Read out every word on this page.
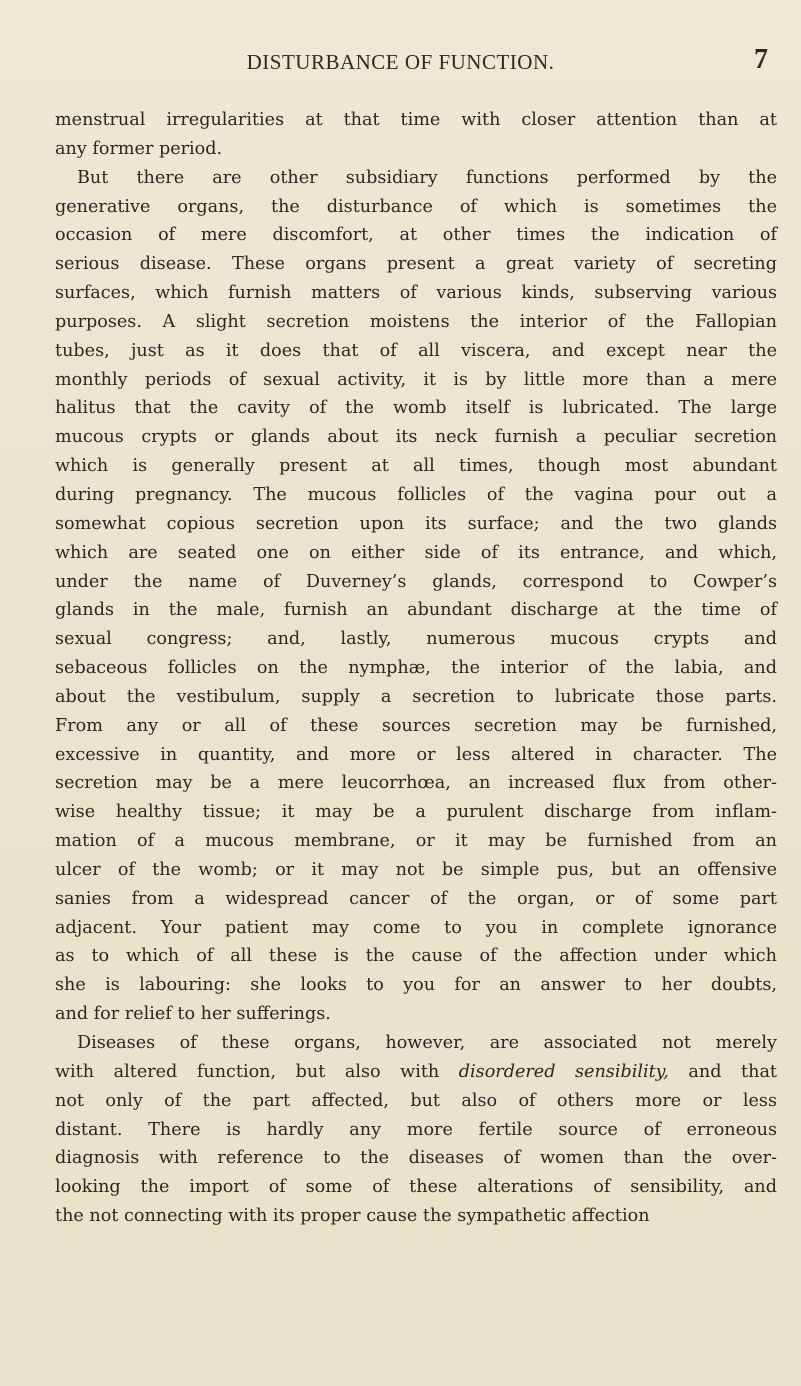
DISTURBANCE OF FUNCTION.	7
menstrual irregularities at that time with closer attention than at
any former period.
But there are other subsidiary functions performed by the
generative organs, the disturbance of which is sometimes the
occasion of mere discomfort, at other times the indication of
serious disease. These organs present a great variety of secreting
surfaces, which furnish matters of various kinds, subserving various
purposes. A slight secretion moistens the interior of the Fallopian
tubes, just as it does that of all viscera, and except near the
monthly periods of sexual activity, it is by little more than a mere
halitus that the cavity of the womb itself is lubricated. The large
mucous crypts or glands about its neck furnish a peculiar secretion
which is generally present at all times, though most abundant
during pregnancy. The mucous follicles of the vagina pour out a
somewhat copious secretion upon its surface; and the two glands
which are seated one on either side of its entrance, and which,
under the name of Duverney’s glands, correspond to Cowper’s
glands in the male, furnish an abundant discharge at the time of
sexual congress; and, lastly, numerous mucous crypts and
sebaceous follicles on the nymphæ, the interior of the labia, and
about the vestibulum, supply a secretion to lubricate those parts.
From any or all of these sources secretion may be furnished,
excessive in quantity, and more or less altered in character. The
secretion may be a mere leucorrhœa, an increased flux from other-
wise healthy tissue; it may be a purulent discharge from inflam-
mation of a mucous membrane, or it may be furnished from an
ulcer of the womb; or it may not be simple pus, but an offensive
sanies from a widespread cancer of the organ, or of some part
adjacent. Your patient may come to you in complete ignorance
as to which of all these is the cause of the affection under which
she is labouring: she looks to you for an answer to her doubts,
and for relief to her sufferings.
Diseases of these organs, however, are associated not merely
with altered function, but also with disordered sensibility, and that
not only of the part affected, but also of others more or less
distant. There is hardly any more fertile source of erroneous
diagnosis with reference to the diseases of women than the over-
looking the import of some of these alterations of sensibility, and
the not connecting with its proper cause the sympathetic affection
